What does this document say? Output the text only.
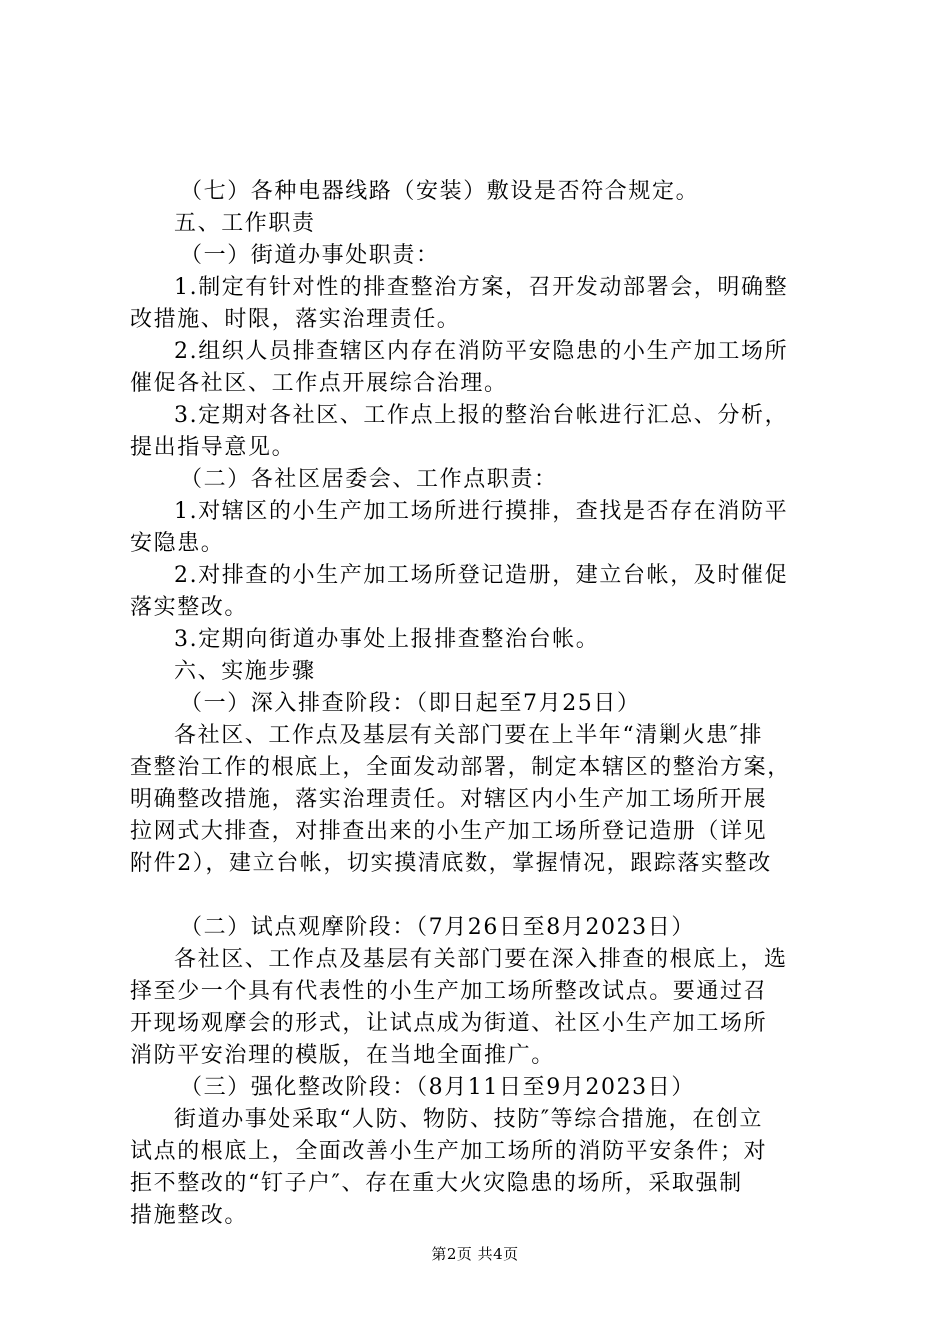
（七）各种电器线路（安装）敷设是否符合规定。
五、工作职责
（一）街道办事处职责：
1.制定有针对性的排查整治方案，召开发动部署会，明确整
改措施、时限，落实治理责任。
2.组织人员排查辖区内存在消防平安隐患的小生产加工场所
催促各社区、工作点开展综合治理。
3.定期对各社区、工作点上报的整治台帐进行汇总、分析，
提出指导意见。
（二）各社区居委会、工作点职责：
1.对辖区的小生产加工场所进行摸排，查找是否存在消防平
安隐患。
2.对排查的小生产加工场所登记造册，建立台帐，及时催促
落实整改。
3.定期向街道办事处上报排查整治台帐。
六、实施步骤
（一）深入排查阶段：（即日起至7月25日）
各社区、工作点及基层有关部门要在上半年“清剿火患″排
查整治工作的根底上，全面发动部署，制定本辖区的整治方案，
明确整改措施，落实治理责任。对辖区内小生产加工场所开展
拉网式大排查，对排查出来的小生产加工场所登记造册（详见
附件2），建立台帐，切实摸清底数，掌握情况，跟踪落实整改
（二）试点观摩阶段：（7月26日至8月2023日）
各社区、工作点及基层有关部门要在深入排查的根底上，选
择至少一个具有代表性的小生产加工场所整改试点。要通过召
开现场观摩会的形式，让试点成为街道、社区小生产加工场所
消防平安治理的模版，在当地全面推广。
（三）强化整改阶段：（8月11日至9月2023日）
街道办事处采取“人防、物防、技防″等综合措施，在创立
试点的根底上，全面改善小生产加工场所的消防平安条件；对
拒不整改的“钉子户″、存在重大火灾隐患的场所，采取强制
措施整改。
第2页 共4页
